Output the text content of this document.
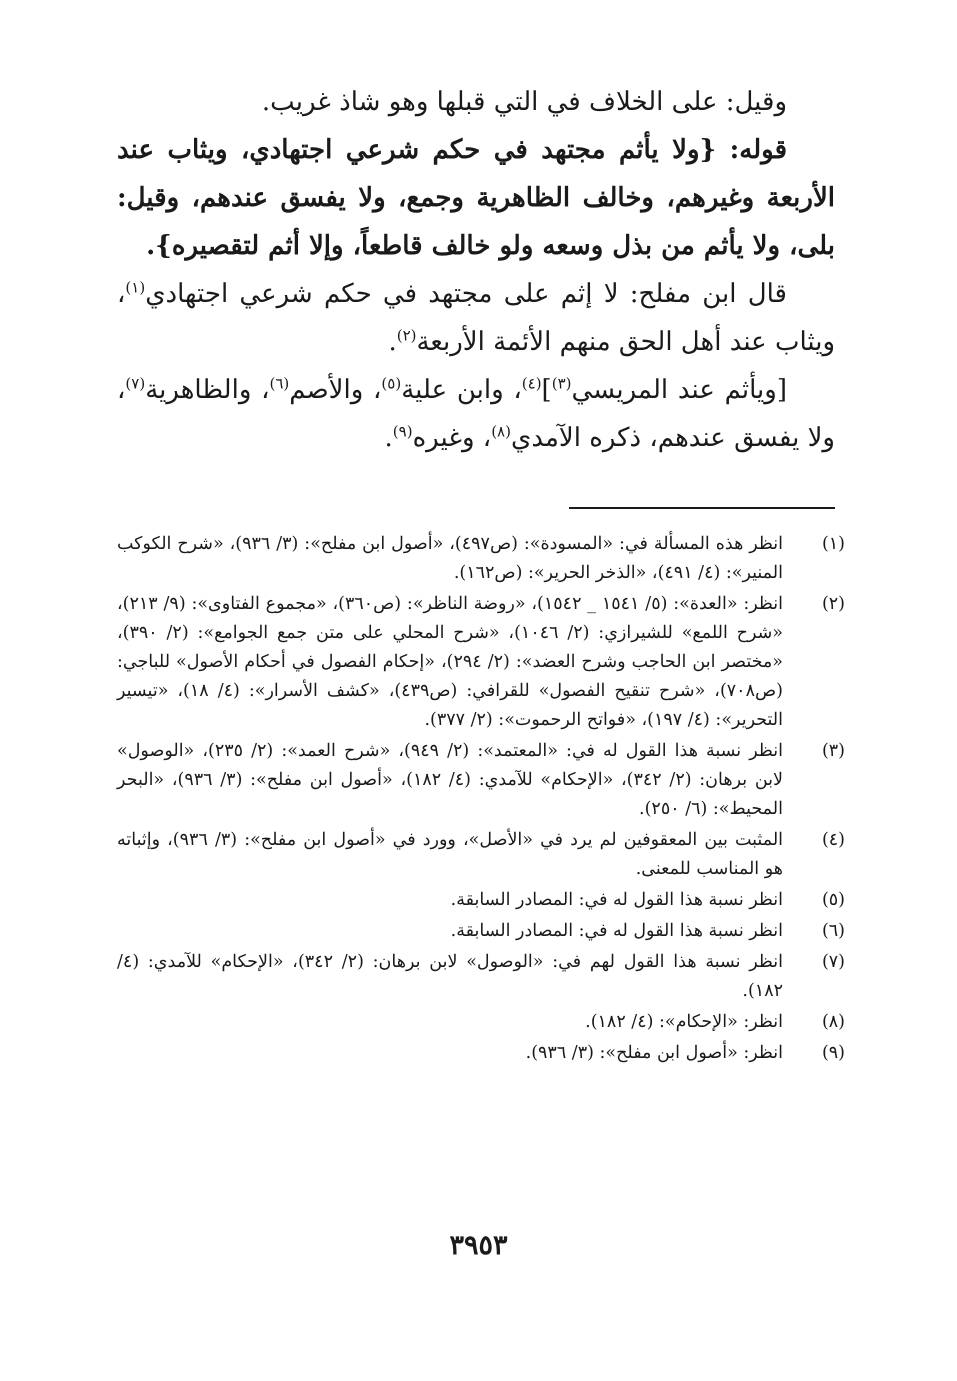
وقيل: على الخلاف في التي قبلها وهو شاذ غريب.

قوله: {ولا يأثم مجتهد في حكم شرعي اجتهادي، ويثاب عند الأربعة وغيرهم، وخالف الظاهرية وجمع، ولا يفسق عندهم، وقيل: بلى، ولا يأثم من بذل وسعه ولو خالف قاطعاً، وإلا أثم لتقصيره}.

قال ابن مفلح: لا إثم على مجتهد في حكم شرعي اجتهادي$^{(١)}$، ويثاب عند أهل الحق منهم الأئمة الأربعة$^{(٢)}$.

[ويأثم عند المريسي$^{(٣)}$]$^{(٤)}$، وابن علية$^{(٥)}$، والأصم$^{(٦)}$، والظاهرية$^{(٧)}$، ولا يفسق عندهم، ذكره الآمدي$^{(٨)}$، وغيره$^{(٩)}$.

(١)
انظر هذه المسألة في: «المسودة»: (ص٤٩٧)، «أصول ابن مفلح»: (٣/ ٩٣٦)، «شرح الكوكب المنير»: (٤/ ٤٩١)، «الذخر الحرير»: (ص١٦٢).
(٢)
انظر: «العدة»: (٥/ ١٥٤١ _ ١٥٤٢)، «روضة الناظر»: (ص٣٦٠)، «مجموع الفتاوى»: (٩/ ٢١٣)، «شرح اللمع» للشيرازي: (٢/ ١٠٤٦)، «شرح المحلي على متن جمع الجوامع»: (٢/ ٣٩٠)، «مختصر ابن الحاجب وشرح العضد»: (٢/ ٢٩٤)، «إحكام الفصول في أحكام الأصول» للباجي: (ص٧٠٨)، «شرح تنقيح الفصول» للقرافي: (ص٤٣٩)، «كشف الأسرار»: (٤/ ١٨)، «تيسير التحرير»: (٤/ ١٩٧)، «فواتح الرحموت»: (٢/ ٣٧٧).
(٣)
انظر نسبة هذا القول له في: «المعتمد»: (٢/ ٩٤٩)، «شرح العمد»: (٢/ ٢٣٥)، «الوصول» لابن برهان: (٢/ ٣٤٢)، «الإحكام» للآمدي: (٤/ ١٨٢)، «أصول ابن مفلح»: (٣/ ٩٣٦)، «البحر المحيط»: (٦/ ٢٥٠).
(٤)
المثبت بين المعقوفين لم يرد في «الأصل»، وورد في «أصول ابن مفلح»: (٣/ ٩٣٦)، وإثباته هو المناسب للمعنى.
(٥)
انظر نسبة هذا القول له في: المصادر السابقة.
(٦)
انظر نسبة هذا القول له في: المصادر السابقة.
(٧)
انظر نسبة هذا القول لهم في: «الوصول» لابن برهان: (٢/ ٣٤٢)، «الإحكام» للآمدي: (٤/ ١٨٢).
(٨)
انظر: «الإحكام»: (٤/ ١٨٢).
(٩)
انظر: «أصول ابن مفلح»: (٣/ ٩٣٦).
٣٩٥٣
